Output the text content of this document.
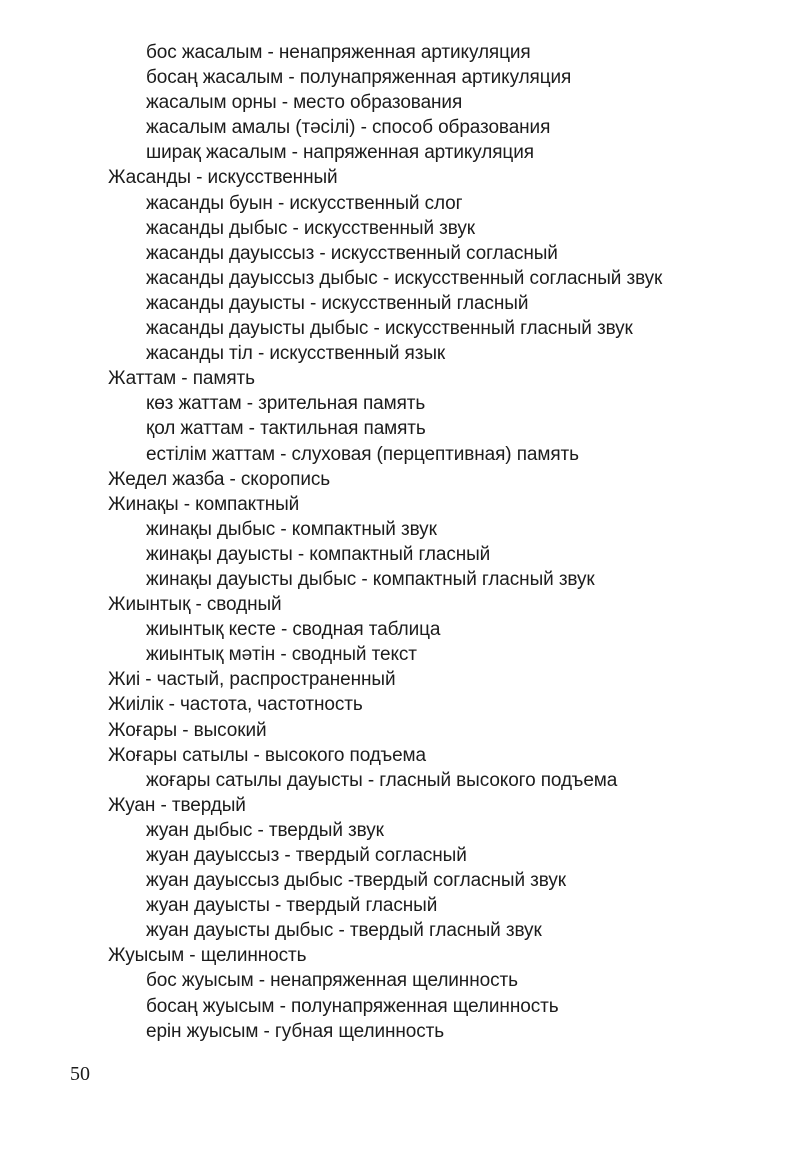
бос жасалым - ненапряженная артикуляция
босаң жасалым - полунапряженная артикуляция
жасалым орны - место образования
жасалым амалы (тәсілі) - способ образования
ширақ жасалым - напряженная артикуляция
Жасанды - искусственный
жасанды буын - искусственный слог
жасанды дыбыс - искусственный звук
жасанды дауыссыз - искусственный согласный
жасанды дауыссыз дыбыс - искусственный согласный звук
жасанды дауысты - искусственный гласный
жасанды дауысты дыбыс - искусственный гласный звук
жасанды тіл - искусственный язык
Жаттам - память
көз жаттам - зрительная память
қол жаттам - тактильная память
естілім жаттам - слуховая (перцептивная) память
Жедел жазба - скоропись
Жинақы - компактный
жинақы дыбыс - компактный звук
жинақы дауысты - компактный гласный
жинақы дауысты дыбыс - компактный гласный звук
Жиынтық - сводный
жиынтық кесте - сводная таблица
жиынтық мәтін - сводный текст
Жиі - частый, распространенный
Жиілік - частота, частотность
Жоғары - высокий
Жоғары сатылы - высокого подъема
жоғары сатылы дауысты - гласный высокого подъема
Жуан - твердый
жуан дыбыс - твердый звук
жуан дауыссыз - твердый согласный
жуан дауыссыз дыбыс -твердый согласный звук
жуан дауысты - твердый гласный
жуан дауысты дыбыс - твердый гласный звук
Жуысым - щелинность
бос жуысым - ненапряженная щелинность
босаң жуысым - полунапряженная щелинность
ерін жуысым - губная щелинность
50
